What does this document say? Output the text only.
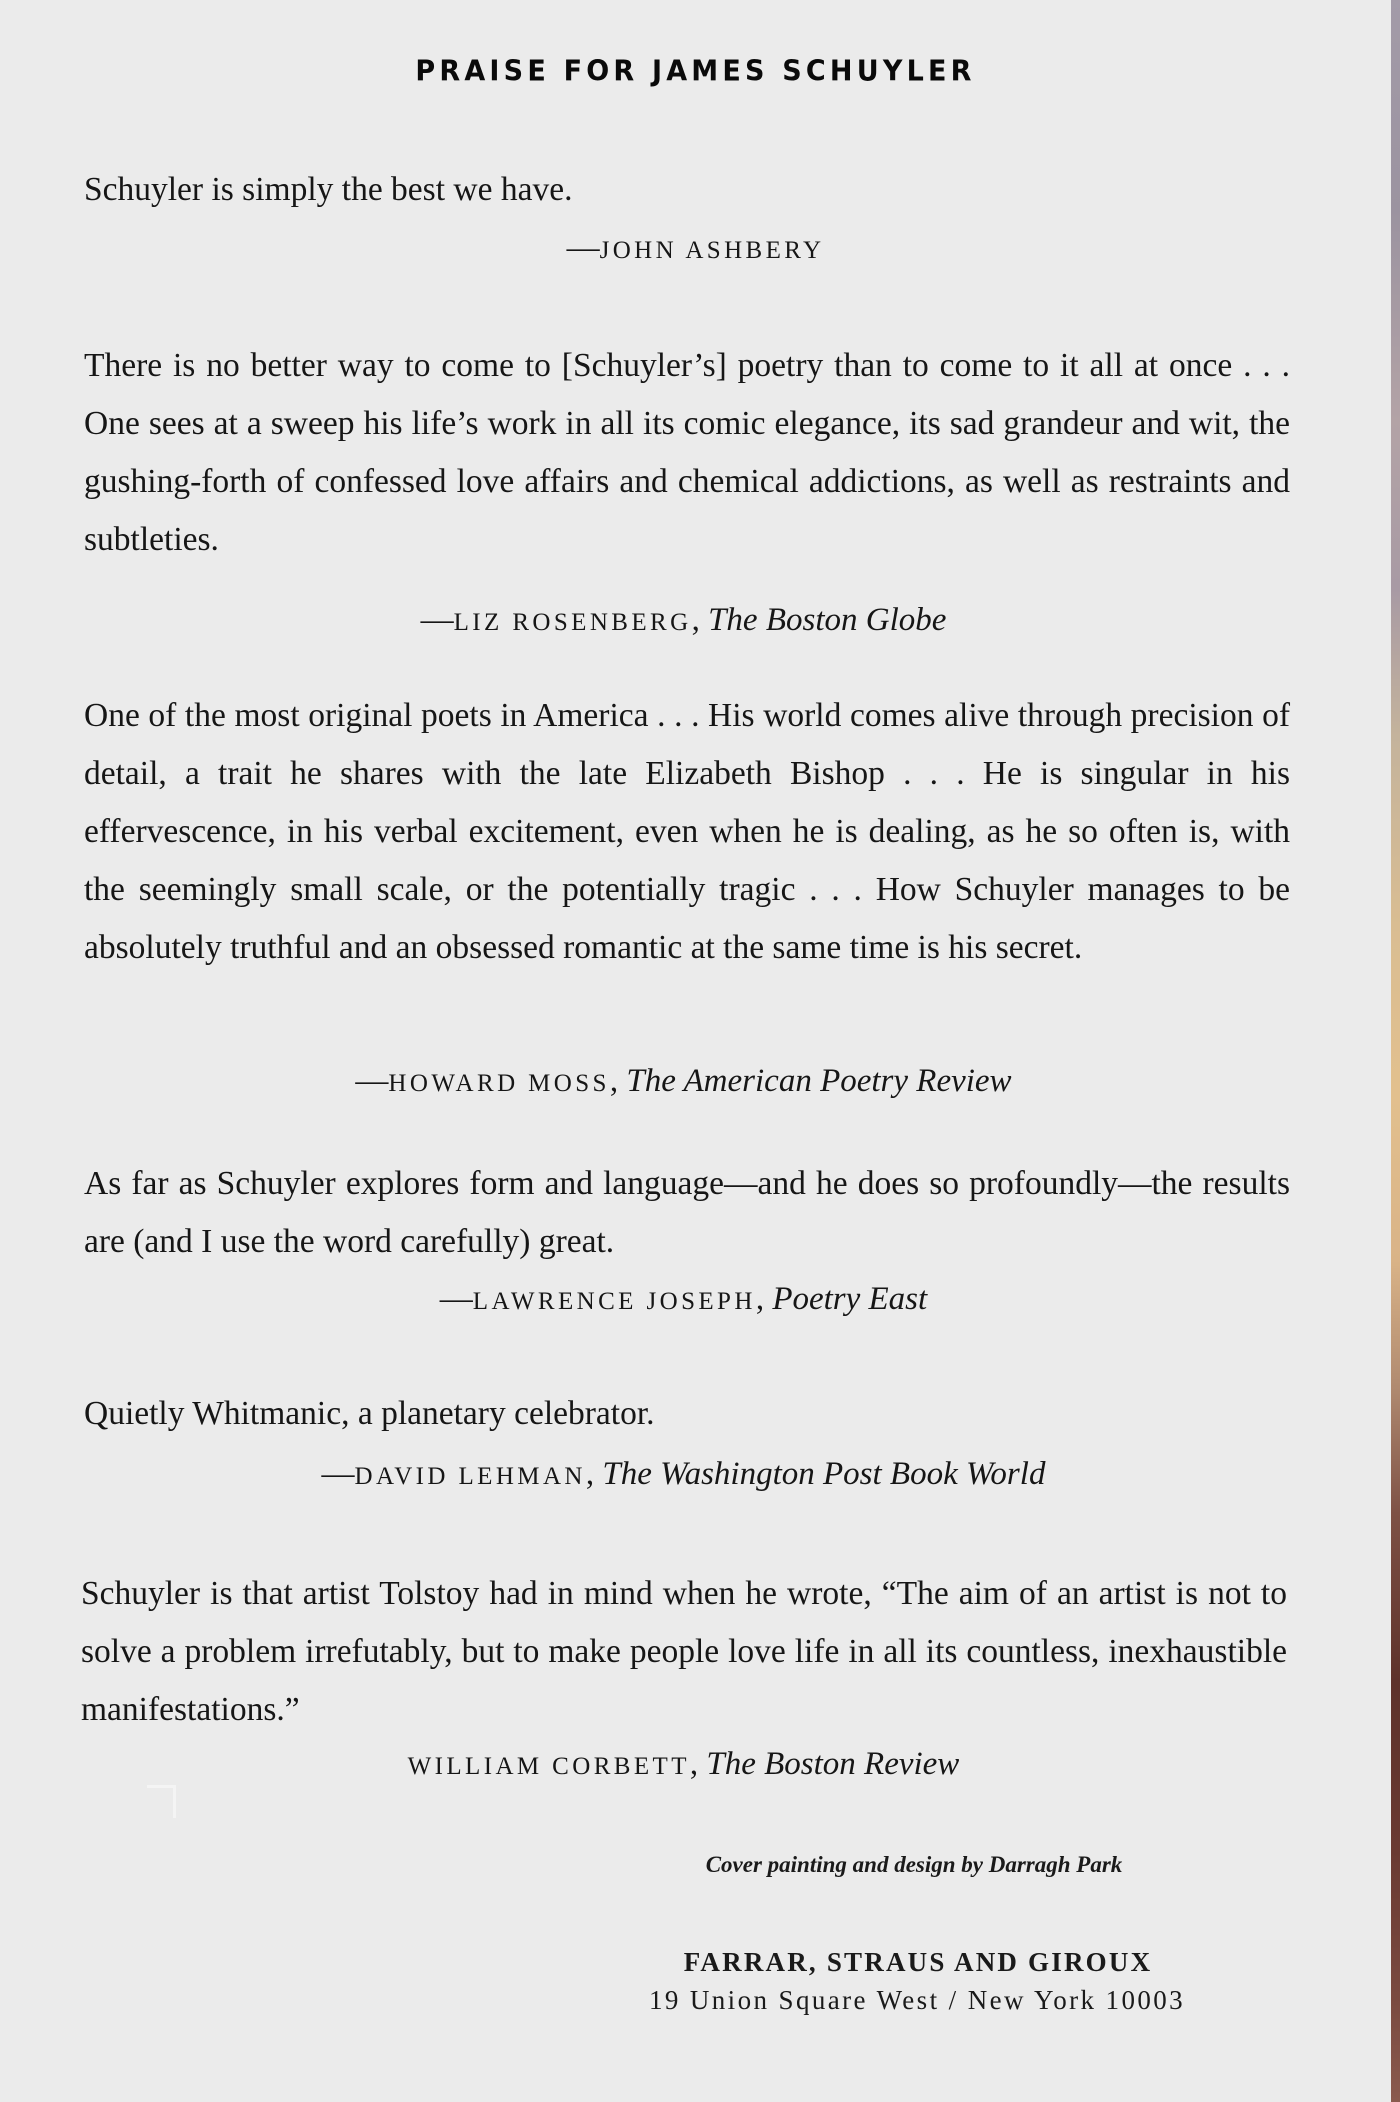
PRAISE FOR JAMES SCHUYLER

Schuyler is simply the best we have.

—JOHN ASHBERY

There is no better way to come to [Schuyler’s] poetry than to come to it all at once . . . One sees at a sweep his life’s work in all its comic elegance, its sad grandeur and wit, the gushing-forth of confessed love affairs and chemical addictions, as well as restraints and subtleties.

—LIZ ROSENBERG, The Boston Globe

One of the most original poets in America . . . His world comes alive through precision of detail, a trait he shares with the late Elizabeth Bishop . . . He is singular in his effervescence, in his verbal excitement, even when he is dealing, as he so often is, with the seemingly small scale, or the potentially tragic . . . How Schuyler manages to be absolutely truthful and an obsessed romantic at the same time is his secret.

—HOWARD MOSS, The American Poetry Review

As far as Schuyler explores form and language—and he does so profoundly—the results are (and I use the word carefully) great.

—LAWRENCE JOSEPH, Poetry East

Quietly Whitmanic, a planetary celebrator.

—DAVID LEHMAN, The Washington Post Book World

Schuyler is that artist Tolstoy had in mind when he wrote, “The aim of an artist is not to solve a problem irrefutably, but to make people love life in all its countless, inexhaustible manifestations.”

WILLIAM CORBETT, The Boston Review
Cover painting and design by Darragh Park
FARRAR, STRAUS AND GIROUX
19 Union Square West / New York 10003
